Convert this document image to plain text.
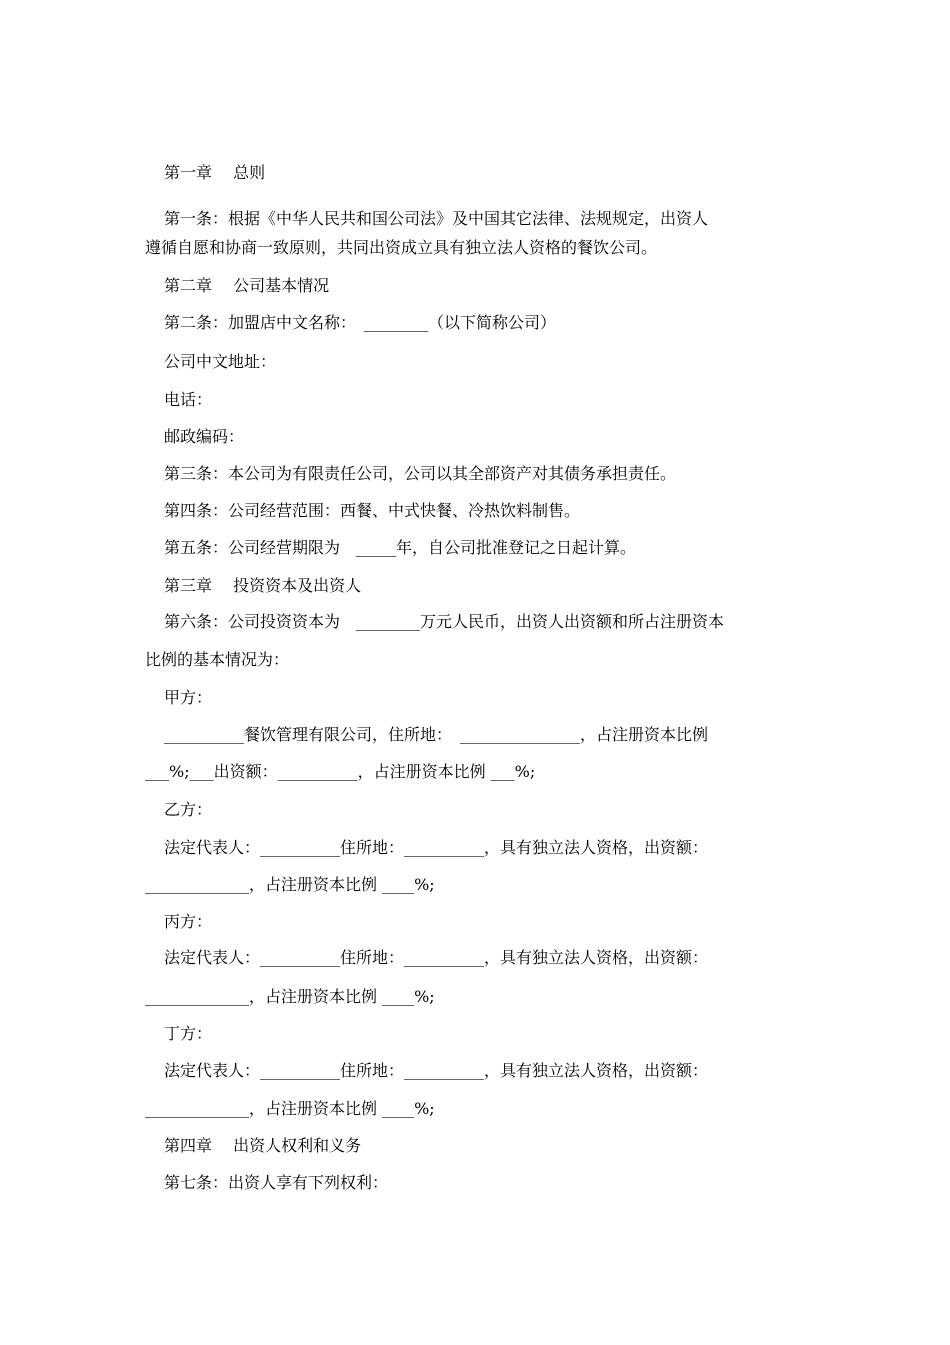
第一章　 总则
第一条：根据《中华人民共和国公司法》及中国其它法律、法规规定，出资人
遵循自愿和协商一致原则，共同出资成立具有独立法人资格的餐饮公司。
第二章　 公司基本情况
第二条：加盟店中文名称：　________（以下简称公司）
公司中文地址：
电话：
邮政编码：
第三条：本公司为有限责任公司，公司以其全部资产对其债务承担责任。
第四条：公司经营范围：西餐、中式快餐、冷热饮料制售。
第五条：公司经营期限为　_____年，自公司批准登记之日起计算。
第三章　 投资资本及出资人
第六条：公司投资资本为　________万元人民币，出资人出资额和所占注册资本
比例的基本情况为：
甲方：
__________餐饮管理有限公司，住所地：　_______________，占注册资本比例
___%;___出资额：__________，占注册资本比例 ___%;
乙方：
法定代表人：__________住所地：__________，具有独立法人资格，出资额：
_____________，占注册资本比例 ____%;
丙方：
法定代表人：__________住所地：__________，具有独立法人资格，出资额：
_____________，占注册资本比例 ____%;
丁方：
法定代表人：__________住所地：__________，具有独立法人资格，出资额：
_____________，占注册资本比例 ____%;
第四章　 出资人权利和义务
第七条：出资人享有下列权利：
